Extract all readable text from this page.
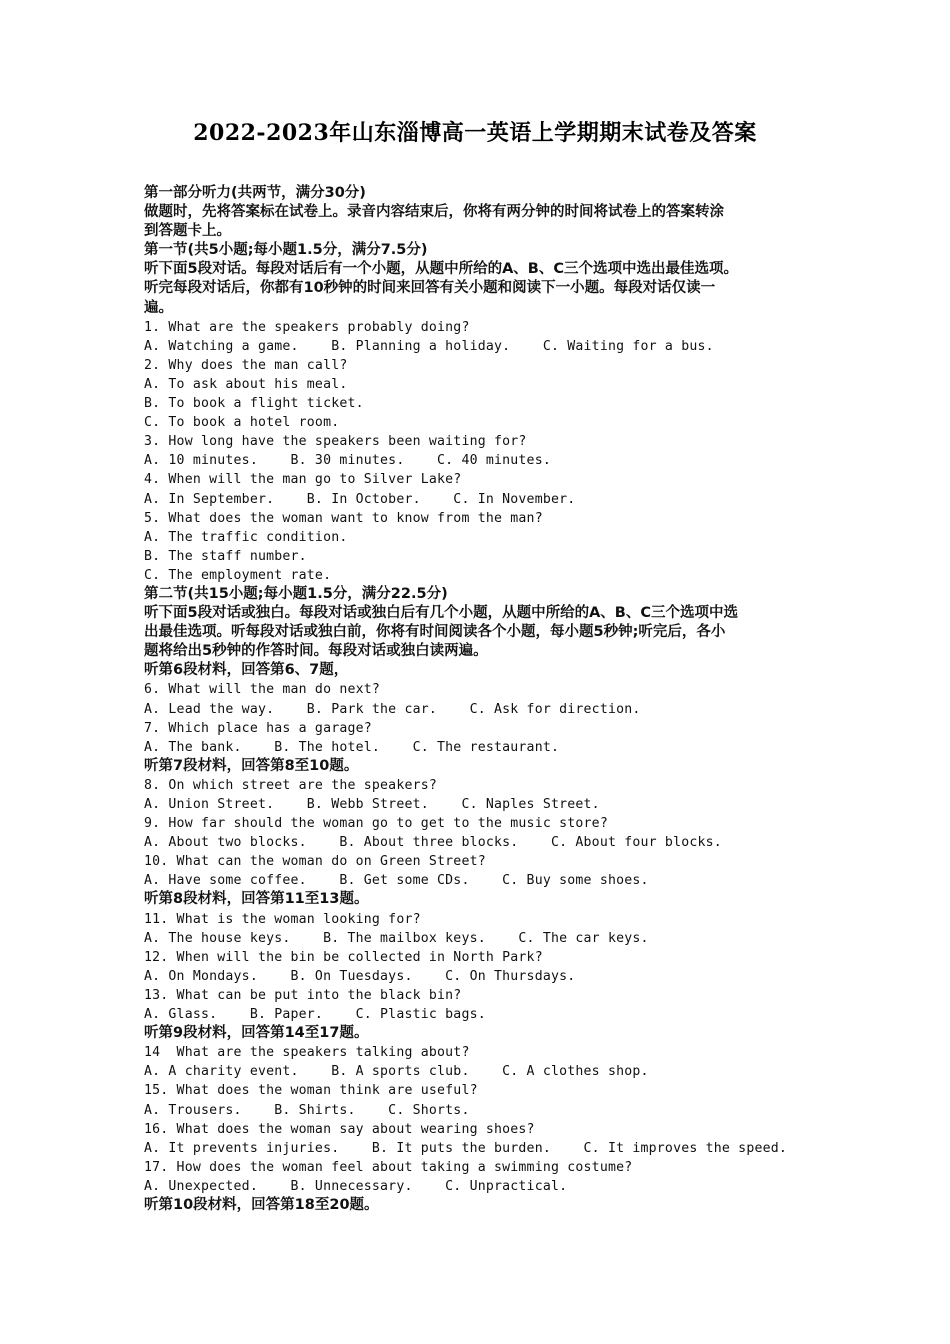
2022-2023年山东淄博高一英语上学期期末试卷及答案
第一部分听力(共两节，满分30分)
做题时，先将答案标在试卷上。录音内容结束后，你将有两分钟的时间将试卷上的答案转涂
到答题卡上。
第一节(共5小题;每小题1.5分，满分7.5分)
听下面5段对话。每段对话后有一个小题，从题中所给的A、B、C三个选项中选出最佳选项。
听完每段对话后，你都有10秒钟的时间来回答有关小题和阅读下一小题。每段对话仅读一
遍。
1. What are the speakers probably doing?
A. Watching a game.    B. Planning a holiday.    C. Waiting for a bus.
2. Why does the man call?
A. To ask about his meal.
B. To book a flight ticket.
C. To book a hotel room.
3. How long have the speakers been waiting for?
A. 10 minutes.    B. 30 minutes.    C. 40 minutes.
4. When will the man go to Silver Lake?
A. In September.    B. In October.    C. In November.
5. What does the woman want to know from the man?
A. The traffic condition.
B. The staff number.
C. The employment rate.
第二节(共15小题;每小题1.5分，满分22.5分)
听下面5段对话或独白。每段对话或独白后有几个小题，从题中所给的A、B、C三个选项中选
出最佳选项。听每段对话或独白前，你将有时间阅读各个小题，每小题5秒钟;听完后，各小
题将给出5秒钟的作答时间。每段对话或独白读两遍。
听第6段材料，回答第6、7题，
6. What will the man do next?
A. Lead the way.    B. Park the car.    C. Ask for direction.
7. Which place has a garage?
A. The bank.    B. The hotel.    C. The restaurant.
听第7段材料，回答第8至10题。
8. On which street are the speakers?
A. Union Street.    B. Webb Street.    C. Naples Street.
9. How far should the woman go to get to the music store?
A. About two blocks.    B. About three blocks.    C. About four blocks.
10. What can the woman do on Green Street?
A. Have some coffee.    B. Get some CDs.    C. Buy some shoes.
听第8段材料，回答第11至13题。
11. What is the woman looking for?
A. The house keys.    B. The mailbox keys.    C. The car keys.
12. When will the bin be collected in North Park?
A. On Mondays.    B. On Tuesdays.    C. On Thursdays.
13. What can be put into the black bin?
A. Glass.    B. Paper.    C. Plastic bags.
听第9段材料，回答第14至17题。
14  What are the speakers talking about?
A. A charity event.    B. A sports club.    C. A clothes shop.
15. What does the woman think are useful?
A. Trousers.    B. Shirts.    C. Shorts.
16. What does the woman say about wearing shoes?
A. It prevents injuries.    B. It puts the burden.    C. It improves the speed.
17. How does the woman feel about taking a swimming costume?
A. Unexpected.    B. Unnecessary.    C. Unpractical.
听第10段材料，回答第18至20题。
